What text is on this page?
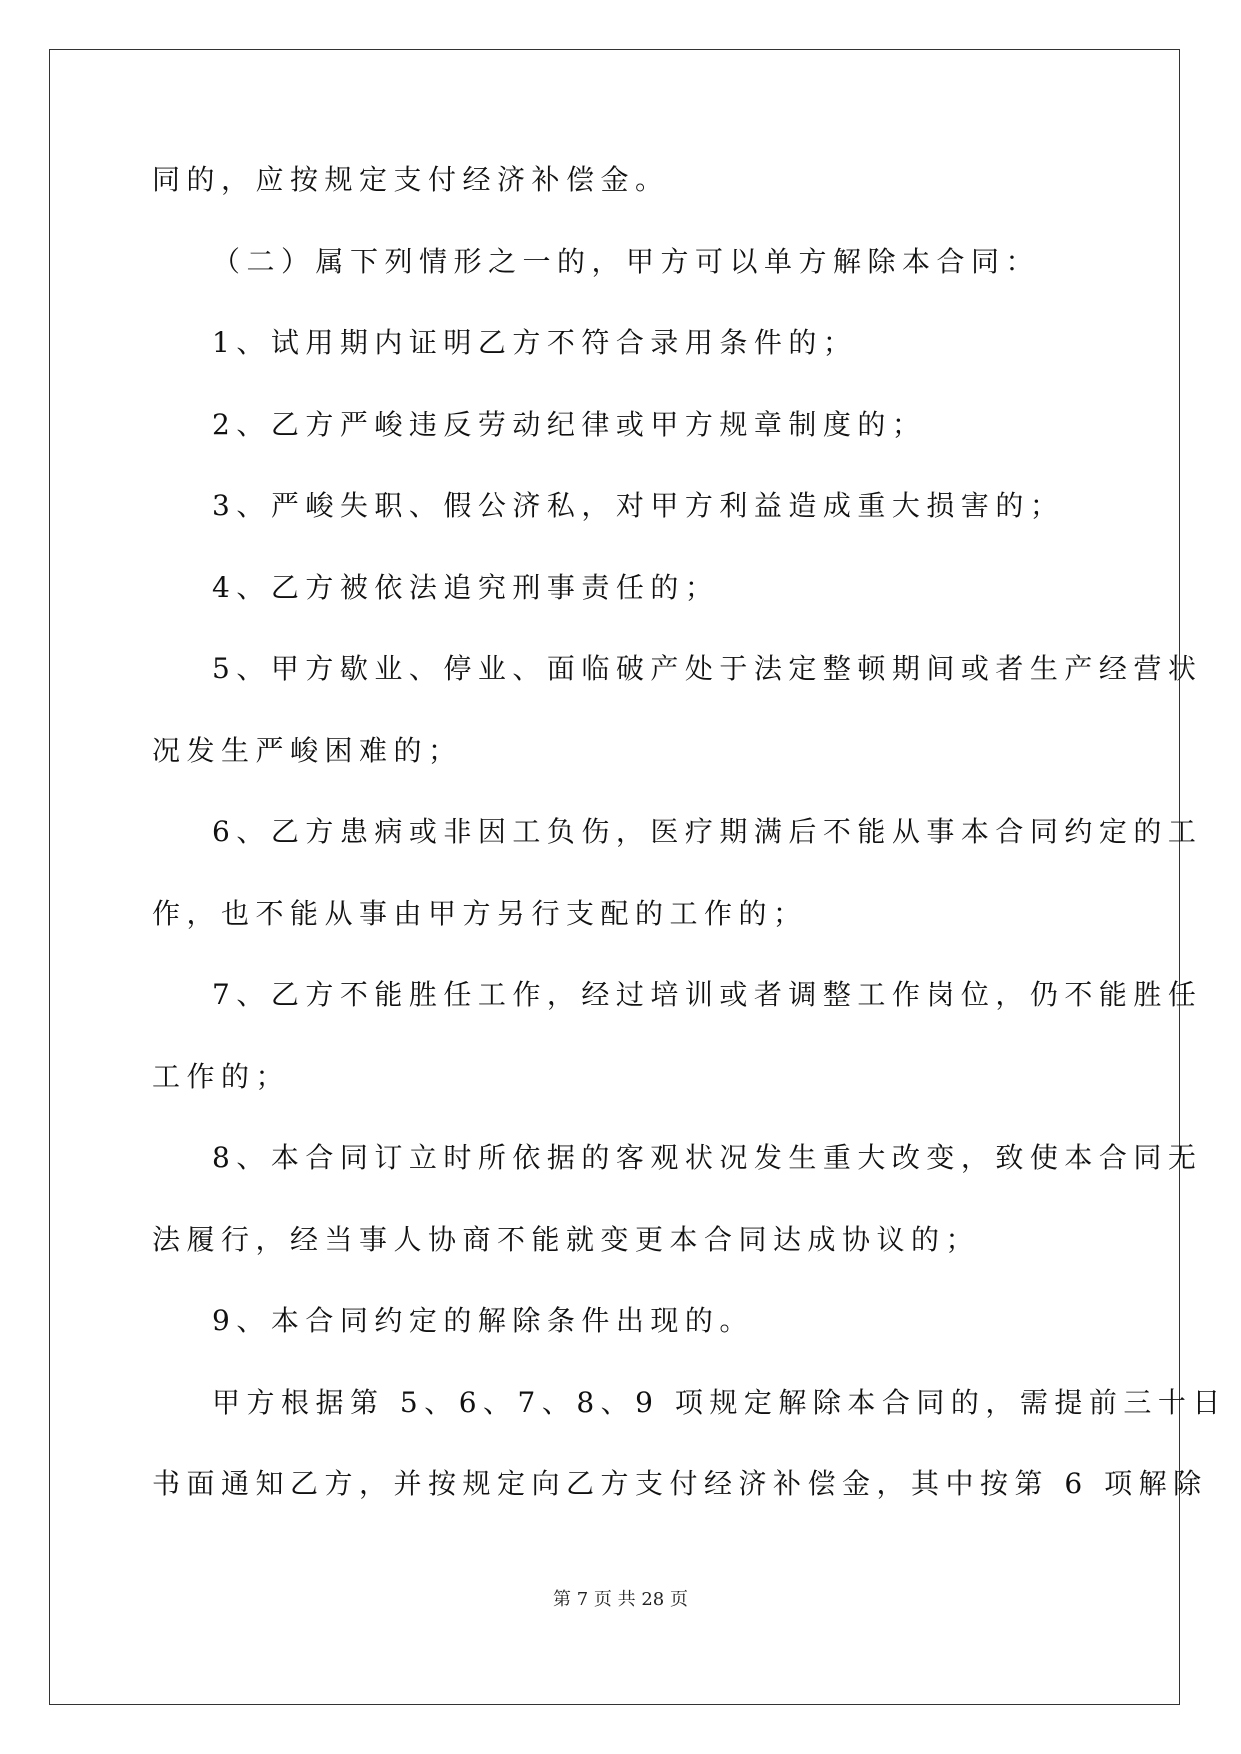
同的，应按规定支付经济补偿金。
（二）属下列情形之一的，甲方可以单方解除本合同：
1、试用期内证明乙方不符合录用条件的；
2、乙方严峻违反劳动纪律或甲方规章制度的；
3、严峻失职、假公济私，对甲方利益造成重大损害的；
4、乙方被依法追究刑事责任的；
5、甲方歇业、停业、面临破产处于法定整顿期间或者生产经营状
况发生严峻困难的；
6、乙方患病或非因工负伤，医疗期满后不能从事本合同约定的工
作，也不能从事由甲方另行支配的工作的；
7、乙方不能胜任工作，经过培训或者调整工作岗位，仍不能胜任
工作的；
8、本合同订立时所依据的客观状况发生重大改变，致使本合同无
法履行，经当事人协商不能就变更本合同达成协议的；
9、本合同约定的解除条件出现的。
甲方根据第 5、6、7、8、9 项规定解除本合同的，需提前三十日
书面通知乙方，并按规定向乙方支付经济补偿金，其中按第 6 项解除
第 7 页 共 28 页
